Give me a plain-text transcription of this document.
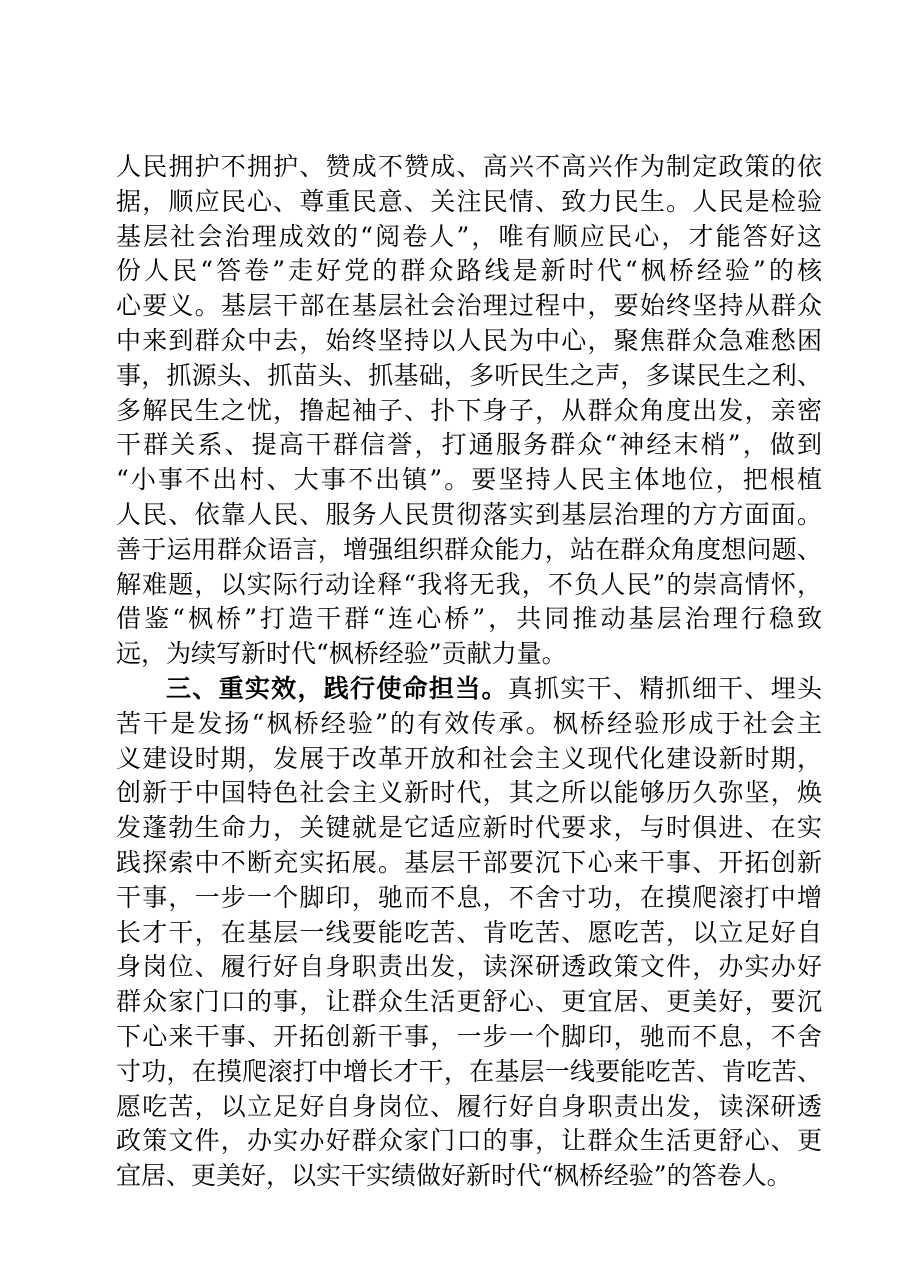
人民拥护不拥护、赞成不赞成、高兴不高兴作为制定政策的依
据，顺应民心、尊重民意、关注民情、致力民生。人民是检验
基层社会治理成效的“阅卷人”，唯有顺应民心，才能答好这
份人民“答卷”走好党的群众路线是新时代“枫桥经验”的核
心要义。基层干部在基层社会治理过程中，要始终坚持从群众
中来到群众中去，始终坚持以人民为中心，聚焦群众急难愁困
事，抓源头、抓苗头、抓基础，多听民生之声，多谋民生之利、
多解民生之忧，撸起袖子、扑下身子，从群众角度出发，亲密
干群关系、提高干群信誉，打通服务群众“神经末梢”，做到
“小事不出村、大事不出镇”。要坚持人民主体地位，把根植
人民、依靠人民、服务人民贯彻落实到基层治理的方方面面。
善于运用群众语言，增强组织群众能力，站在群众角度想问题、
解难题，以实际行动诠释“我将无我，不负人民”的崇高情怀，
借鉴“枫桥”打造干群“连心桥”，共同推动基层治理行稳致
远，为续写新时代“枫桥经验”贡献力量。
三、重实效，践行使命担当。真抓实干、精抓细干、埋头
苦干是发扬“枫桥经验”的有效传承。枫桥经验形成于社会主
义建设时期，发展于改革开放和社会主义现代化建设新时期，
创新于中国特色社会主义新时代，其之所以能够历久弥坚，焕
发蓬勃生命力，关键就是它适应新时代要求，与时俱进、在实
践探索中不断充实拓展。基层干部要沉下心来干事、开拓创新
干事，一步一个脚印，驰而不息，不舍寸功，在摸爬滚打中增
长才干，在基层一线要能吃苦、肯吃苦、愿吃苦，以立足好自
身岗位、履行好自身职责出发，读深研透政策文件，办实办好
群众家门口的事，让群众生活更舒心、更宜居、更美好，要沉
下心来干事、开拓创新干事，一步一个脚印，驰而不息，不舍
寸功，在摸爬滚打中增长才干，在基层一线要能吃苦、肯吃苦、
愿吃苦，以立足好自身岗位、履行好自身职责出发，读深研透
政策文件，办实办好群众家门口的事，让群众生活更舒心、更
宜居、更美好，以实干实绩做好新时代“枫桥经验”的答卷人。
